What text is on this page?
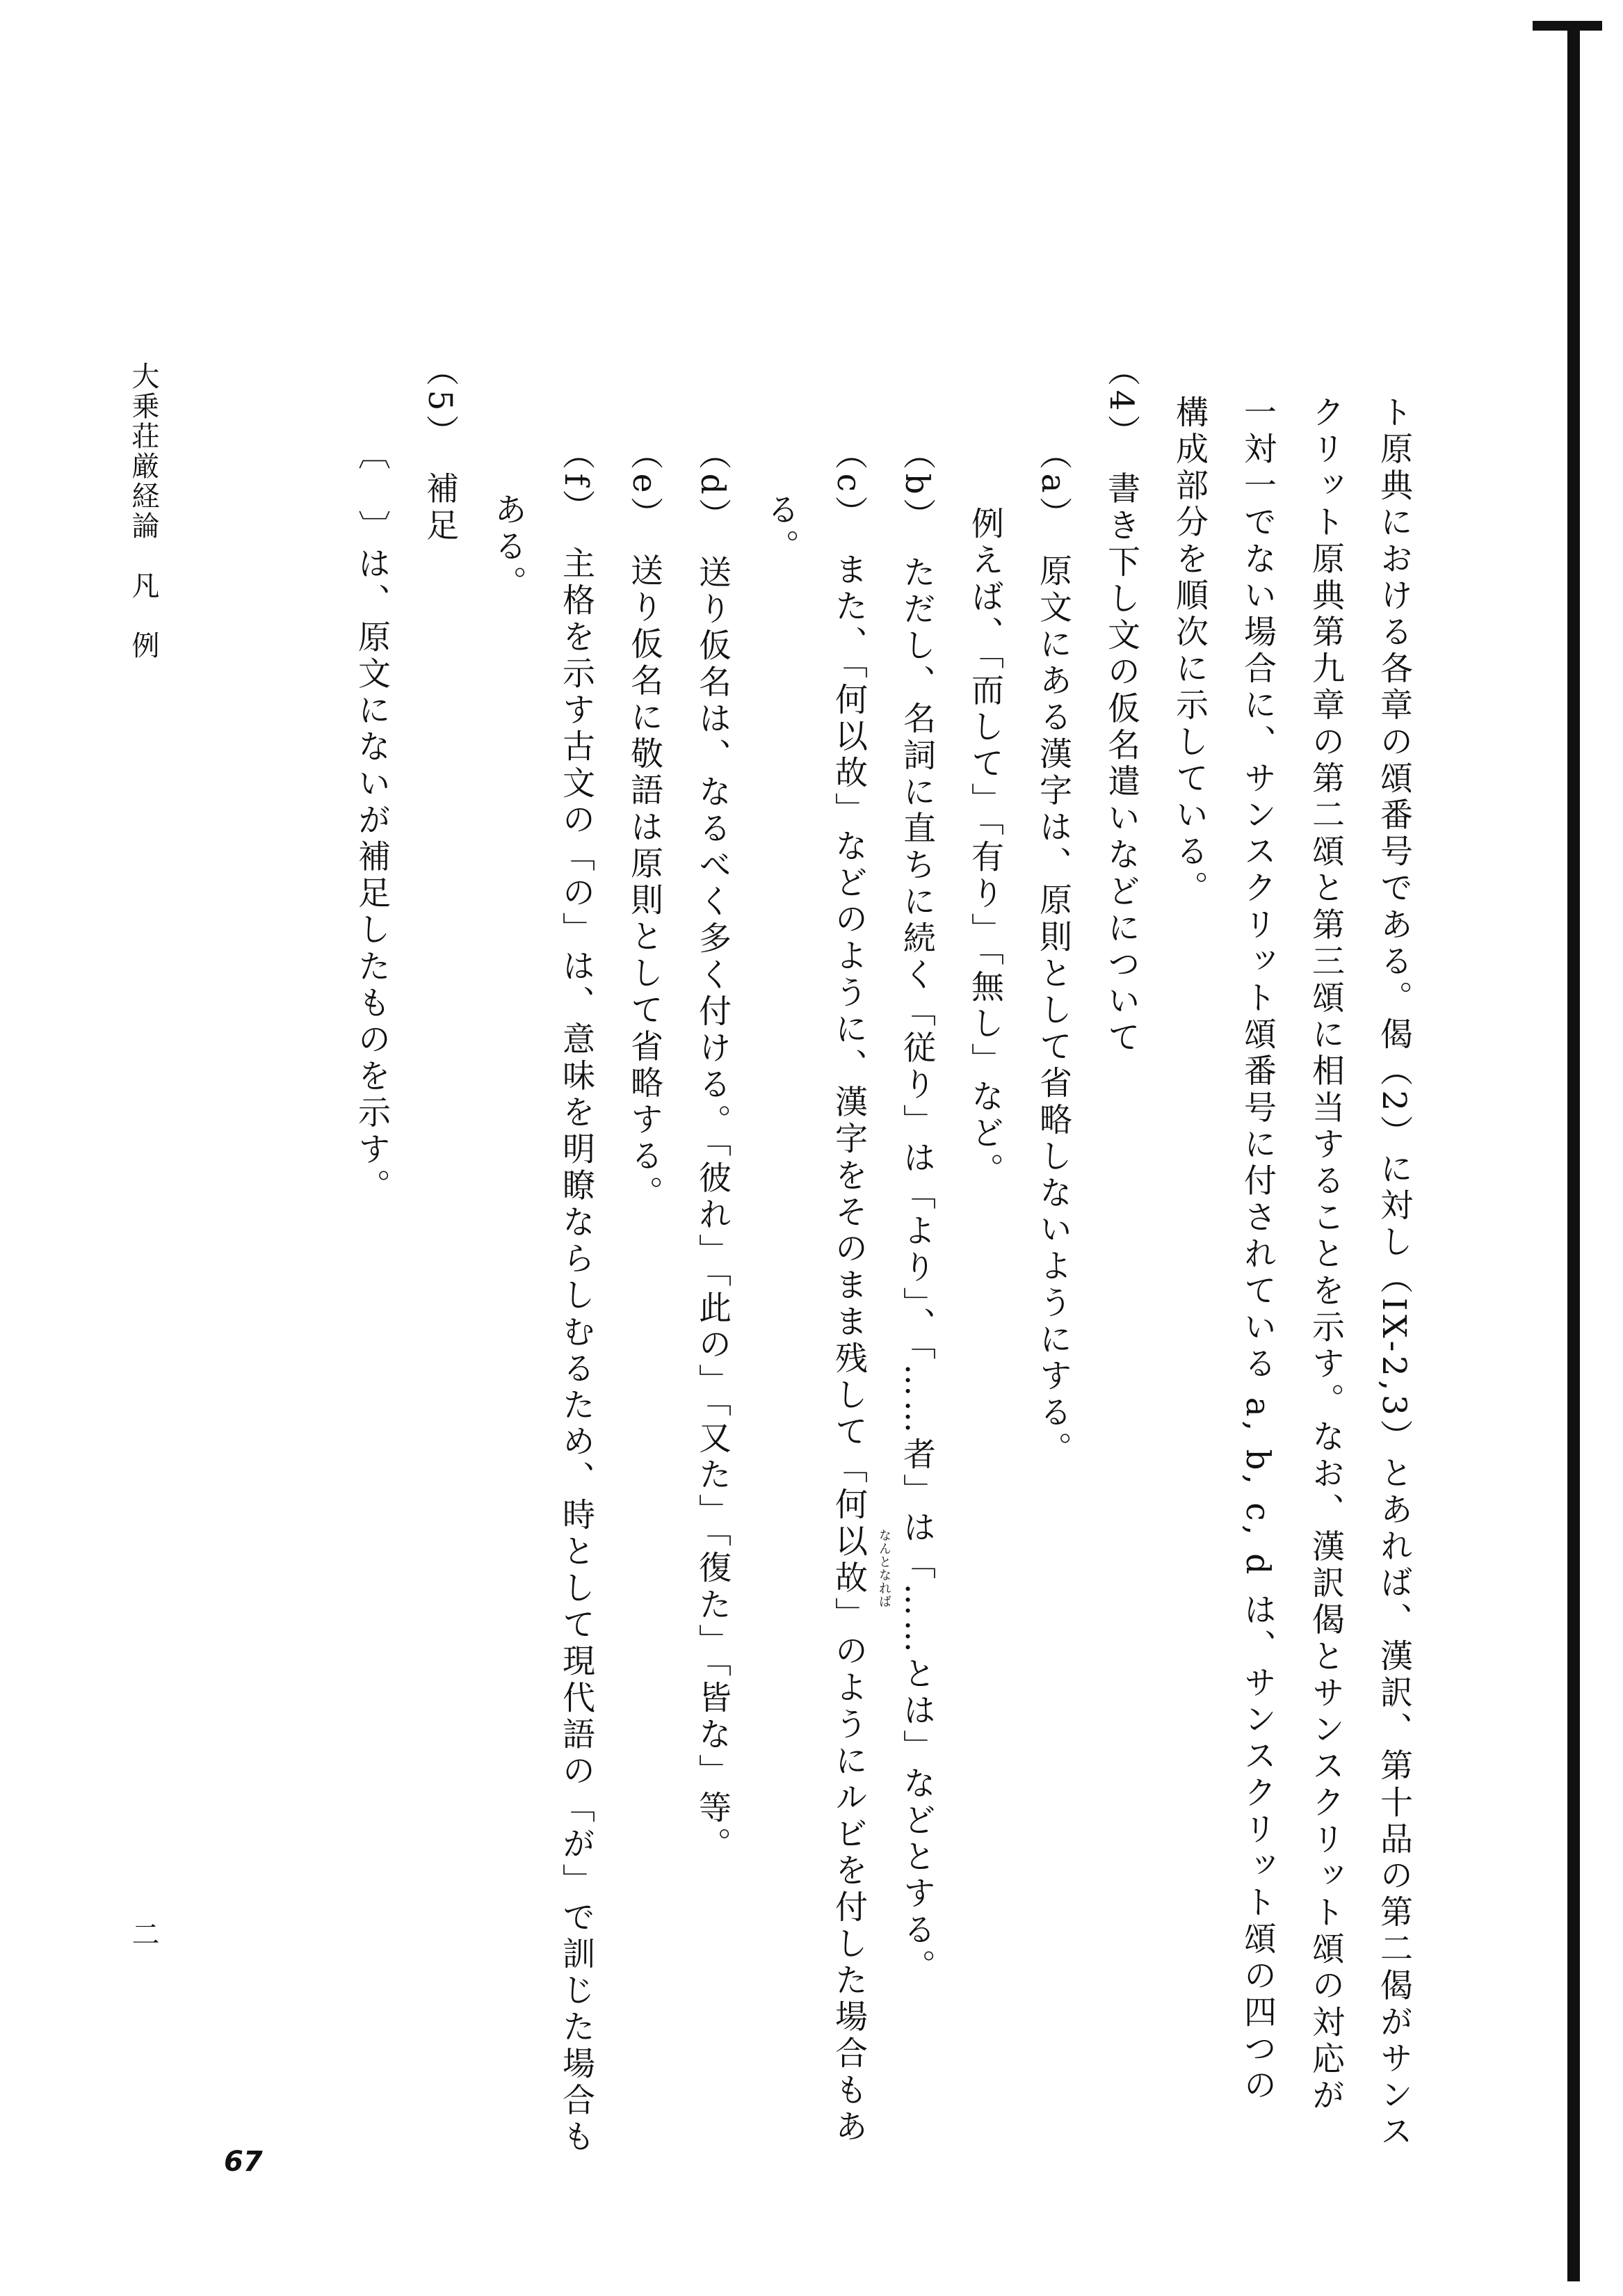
ト原典における各章の頌番号である。偈（2）に対し（IX-2,3）とあれば、漢訳、第十品の第二偈がサンス
クリット原典第九章の第二頌と第三頌に相当することを示す。なお、漢訳偈とサンスクリット頌の対応が
一対一でない場合に、サンスクリット頌番号に付されている a, b, c, d は、サンスクリット頌の四つの
構成部分を順次に示している。
（4）　書き下し文の仮名遣いなどについて
（a）　原文にある漢字は、原則として省略しないようにする。
例えば、「而して」「有り」「無し」など。
（b）　ただし、名詞に直ちに続く「従り」は「より」、「……者」は「……とは」などとする。
（c）　また、「何以故」などのように、漢字をそのまま残して「何以故」のようにルビを付した場合もあ なんとなれば
る。
（d）　送り仮名は、なるべく多く付ける。「彼れ」「此の」「又た」「復た」「皆な」等。
（e）　送り仮名に敬語は原則として省略する。
（f）　主格を示す古文の「の」は、意味を明瞭ならしむるため、時として現代語の「が」で訓じた場合も
ある。
（5）　補足
〔　〕は、原文にないが補足したものを示す。
大乗荘厳経論　凡　例
二
67
